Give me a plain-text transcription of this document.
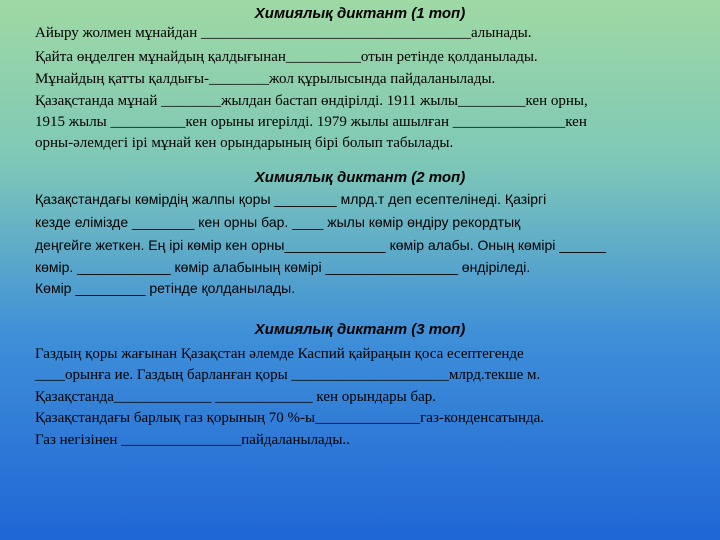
Химиялық диктант (1 топ)

Айыру жолмен мұнайдан ____________________________________алынады.

Қайта өңделген мұнайдың қалдығынан__________отын ретінде қолданылады.

Мұнайдың қатты қалдығы-________жол құрылысында пайдаланылады.

Қазақстанда мұнай ________жылдан бастап өндірілді. 1911 жылы_________кен орны,

1915 жылы __________кен орыны игерілді. 1979 жылы ашылған _______________кен

орны-әлемдегі ірі мұнай кен орындарының бірі болып табылады.

Химиялық диктант (2 топ)

Қазақстандағы көмірдің жалпы қоры ________ млрд.т деп есептелінеді. Қазіргі

кезде елімізде ________ кен орны бар. ____ жылы көмір өндіру рекордтық

деңгейге жеткен. Ең ірі көмір кен орны_____________ көмір алабы. Оның көмірі ______

көмір. ____________ көмір алабының көмірі _________________ өндіріледі.

Көмір _________ ретінде қолданылады.

Химиялық диктант (3 топ)

Газдың қоры жағынан Қазақстан әлемде Каспий қайраңын қоса есептегенде

____орынға ие. Газдың барланған қоры _____________________млрд.текше м.

Қазақстанда_____________ _____________ кен орындары бар.

Қазақстандағы барлық газ қорының 70 %-ы______________газ-конденсатында.

Газ негізінен ________________пайдаланылады..
